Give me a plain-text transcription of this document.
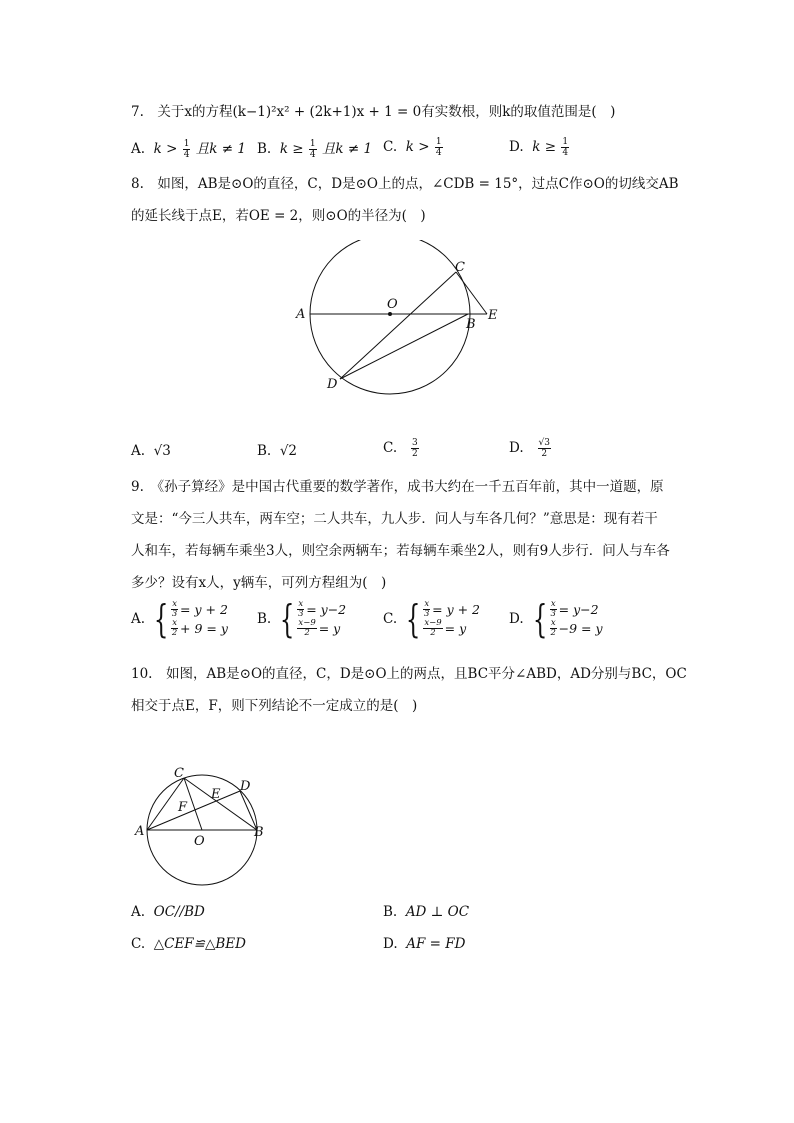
7.　关于x的方程(k−1)²x² + (2k+1)x + 1 = 0有实数根，则k的取值范围是(　)
A. $k > \frac{1}{4}$ 且k ≠ 1 B. $k \ge \frac{1}{4}$ 且k ≠ 1 C. $k > \frac{1}{4}$	D. $k \ge \frac{1}{4}$
8.　如图，AB是⊙O的直径，C，D是⊙O上的点，∠CDB = 15°，过点C作⊙O的切线交AB
的延长线于点E，若OE = 2，则⊙O的半径为(　)
A
O
B
C
D
E
A. √3	B. √2	C. $\frac{3}{2}$	D. $\frac{√3}{2}$
9.　《孙子算经》是中国古代重要的数学著作，成书大约在一千五百年前，其中一道题，原
文是：“今三人共车，两车空；二人共车，九人步．问人与车各几何？”意思是：现有若干
人和车，若每辆车乘坐3人，则空余两辆车；若每辆车乘坐2人，则有9人步行．问人与车各
多少？设有x人，y辆车，可列方程组为(　)
A. { $\frac{x}{3} = y + 2$
x
2 + 9 = y
B. { $\frac{x}{3} = y-2$
$\frac{x-9}{2} = y$
C. { $\frac{x}{3} = y + 2$
$\frac{x-9}{2} = y$
D. { $\frac{x}{3} = y-2$
x
2 −9 = y
10.　如图，AB是⊙O的直径，C，D是⊙O上的两点，且BC平分∠ABD，AD分别与BC，OC
相交于点E，F，则下列结论不一定成立的是(　)
A
O
B
C
D
E
F
A. OC//BD	B. AD ⊥ OC
C. △CEF≌△BED	D. AF = FD
